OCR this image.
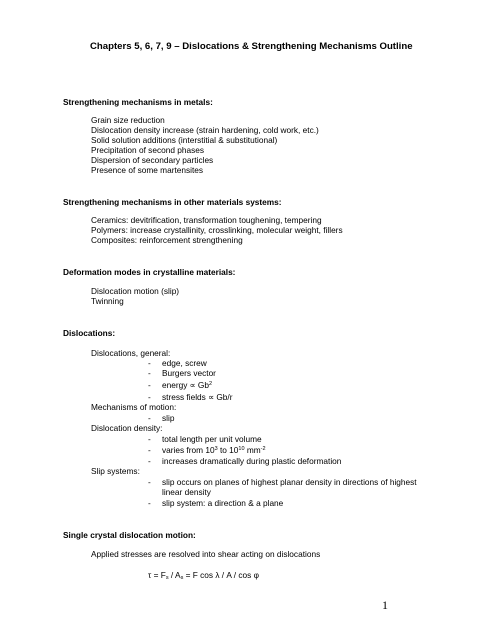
Chapters 5, 6, 7, 9 – Dislocations & Strengthening Mechanisms Outline
Strengthening mechanisms in metals:
Grain size reduction
Dislocation density increase (strain hardening, cold work, etc.)
Solid solution additions (interstitial & substitutional)
Precipitation of second phases
Dispersion of secondary particles
Presence of some martensites
Strengthening mechanisms in other materials systems:
Ceramics: devitrification, transformation toughening, tempering
Polymers: increase crystallinity, crosslinking, molecular weight, fillers
Composites: reinforcement strengthening
Deformation modes in crystalline materials:
Dislocation motion (slip)
Twinning
Dislocations:
Dislocations, general:
- edge, screw
- Burgers vector
- energy ∝ $Gb^2$
- stress fields ∝ Gb/r
Mechanisms of motion:
- slip
Dislocation density:
- total length per unit volume
- varies from $10^3$ to $10^{10}$ $mm^{-2}$
- increases dramatically during plastic deformation
Slip systems:
- slip occurs on planes of highest planar density in directions of highest
linear density
- slip system: a direction & a plane
Single crystal dislocation motion:
Applied stresses are resolved into shear acting on dislocations
$\tau = F_s / A_s = F$ cos λ / A / cos φ
1
